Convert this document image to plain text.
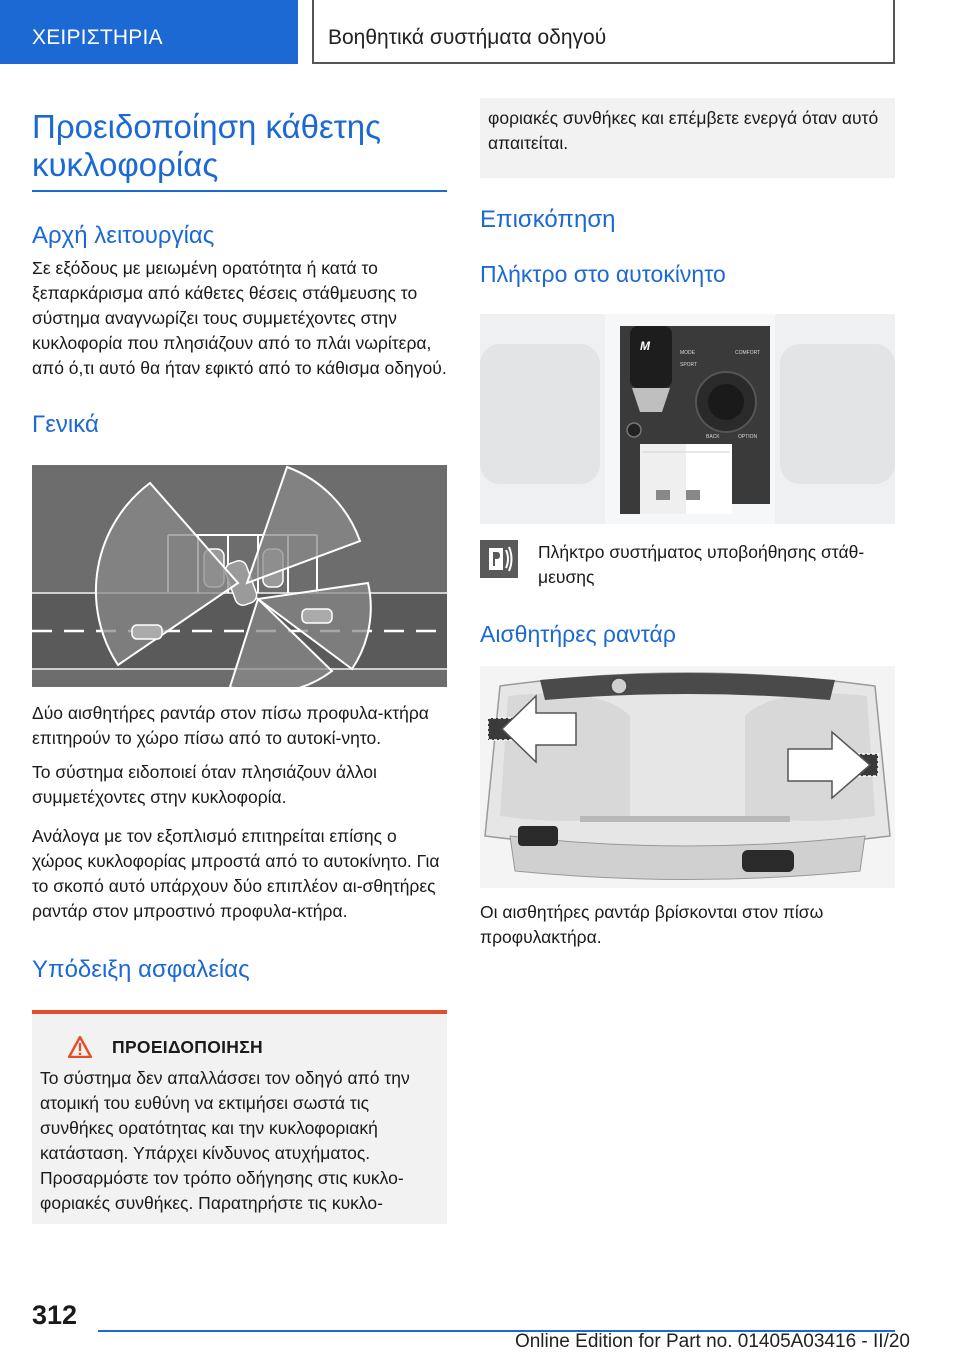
ΧΕΙΡΙΣΤΗΡΙΑ	Βοηθητικά συστήματα οδηγού
Προειδοποίηση κάθετης κυκλοφορίας
Αρχή λειτουργίας

Σε εξόδους με μειωμένη ορατότητα ή κατά το ξεπαρκάρισμα από κάθετες θέσεις στάθμευσης το σύστημα αναγνωρίζει τους συμμετέχοντες στην κυκλοφορία που πλησιάζουν από το πλάι νωρίτερα, από ό,τι αυτό θα ήταν εφικτό από το κάθισμα οδηγού.

Γενικά

Δύο αισθητήρες ραντάρ στον πίσω προφυλα-κτήρα επιτηρούν το χώρο πίσω από το αυτοκί-νητο.

Το σύστημα ειδοποιεί όταν πλησιάζουν άλλοι συμμετέχοντες στην κυκλοφορία.

Ανάλογα με τον εξοπλισμό επιτηρείται επίσης ο χώρος κυκλοφορίας μπροστά από το αυτοκίνητο. Για το σκοπό αυτό υπάρχουν δύο επιπλέον αι-σθητήρες ραντάρ στον μπροστινό προφυλα-κτήρα.

Υπόδειξη ασφαλείας
ΠΡΟΕΙΔΟΠΟΙΗΣΗ

Το σύστημα δεν απαλλάσσει τον οδηγό από την ατομική του ευθύνη να εκτιμήσει σωστά τις συνθήκες ορατότητας και την κυκλοφοριακή κατάσταση. Υπάρχει κίνδυνος ατυχήματος. Προσαρμόστε τον τρόπο οδήγησης στις κυκλο-φοριακές συνθήκες. Παρατηρήστε τις κυκλο-

φοριακές συνθήκες και επέμβετε ενεργά όταν αυτό απαιτείται.

Επισκόπηση
Πλήκτρο στο αυτοκίνητο
M	MODE
SPORT
COMFORT
BACK	OPTION

Πλήκτρο συστήματος υποβοήθησης στάθ-μευσης

Αισθητήρες ραντάρ

Οι αισθητήρες ραντάρ βρίσκονται στον πίσω προφυλακτήρα.

312
Online Edition for Part no. 01405A03416 - II/20
